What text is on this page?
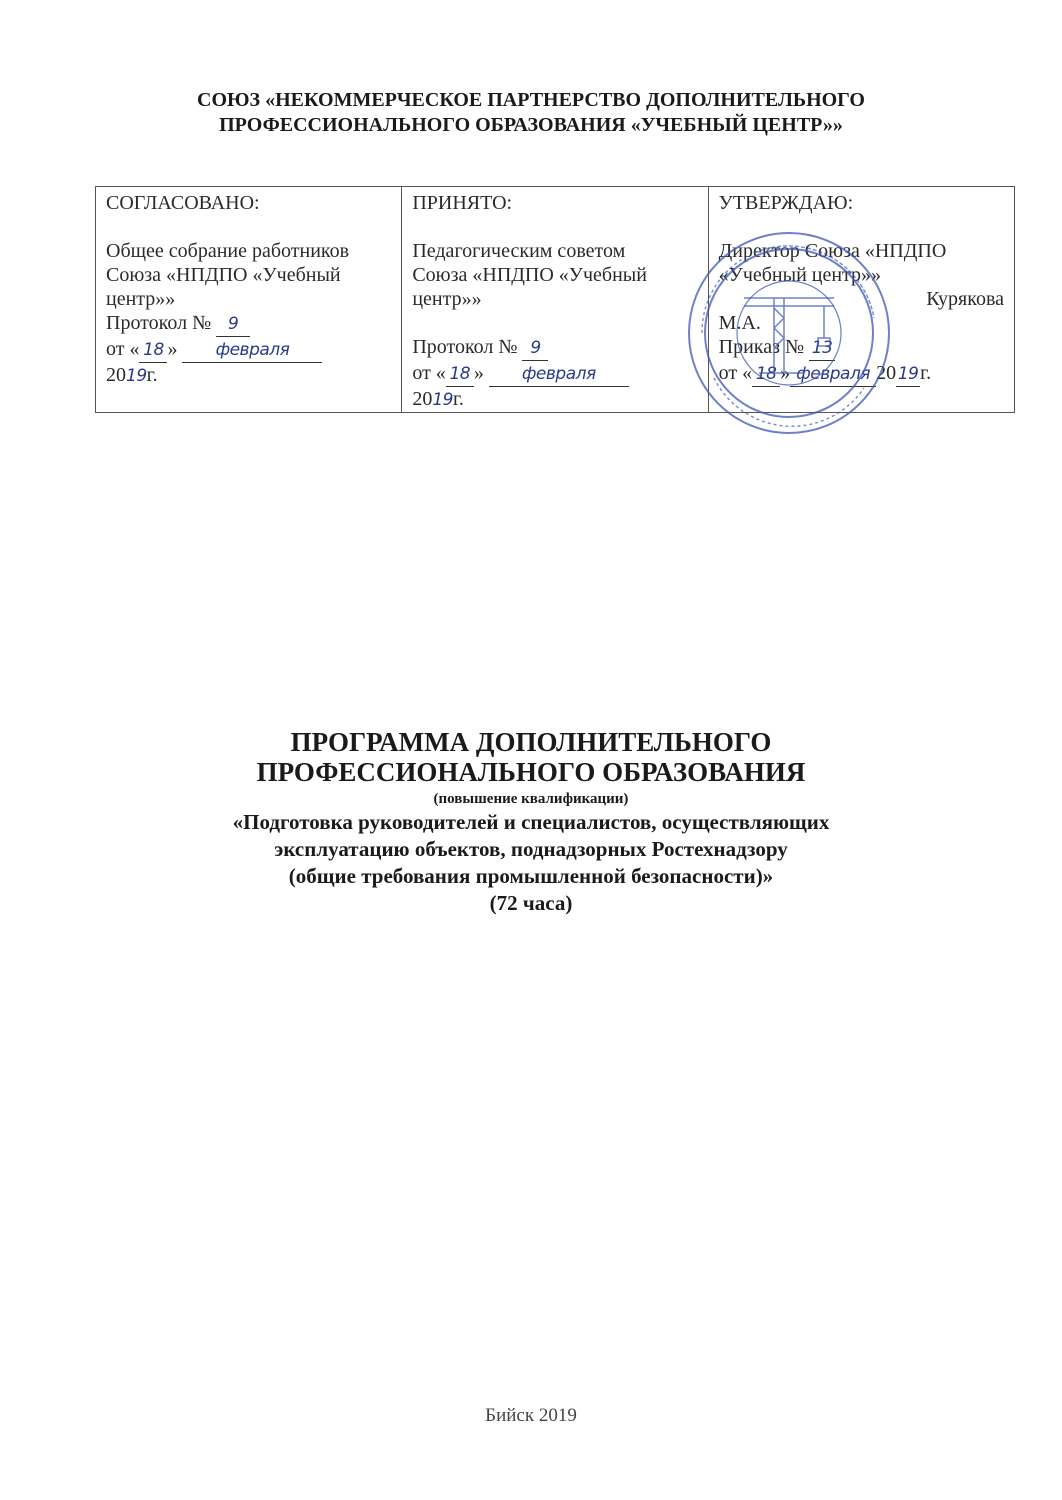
СОЮЗ «НЕКОММЕРЧЕСКОЕ ПАРТНЕРСТВО ДОПОЛНИТЕЛЬНОГО
ПРОФЕССИОНАЛЬНОГО ОБРАЗОВАНИЯ «УЧЕБНЫЙ ЦЕНТР»»
СОГЛАСОВАНО:
Общее собрание работников
Союза «НПДПО «Учебный
центр»»
Протокол № 9
от « 18 » февраля
2019г.

ПРИНЯТО:
Педагогическим советом
Союза «НПДПО «Учебный
центр»»
Протокол № 9
от « 18 » февраля
2019г.

УТВЕРЖДАЮ:
Директор Союза «НПДПО
«Учебный центр»»
Курякова
М.А.
Приказ № 13
от « 18 » февраля 2019г.
ПРОГРАММА ДОПОЛНИТЕЛЬНОГО
ПРОФЕССИОНАЛЬНОГО ОБРАЗОВАНИЯ
(повышение квалификации)
«Подготовка руководителей и специалистов, осуществляющих
эксплуатацию объектов, поднадзорных Ростехнадзору
(общие требования промышленной безопасности)»
(72 часа)
Бийск 2019
